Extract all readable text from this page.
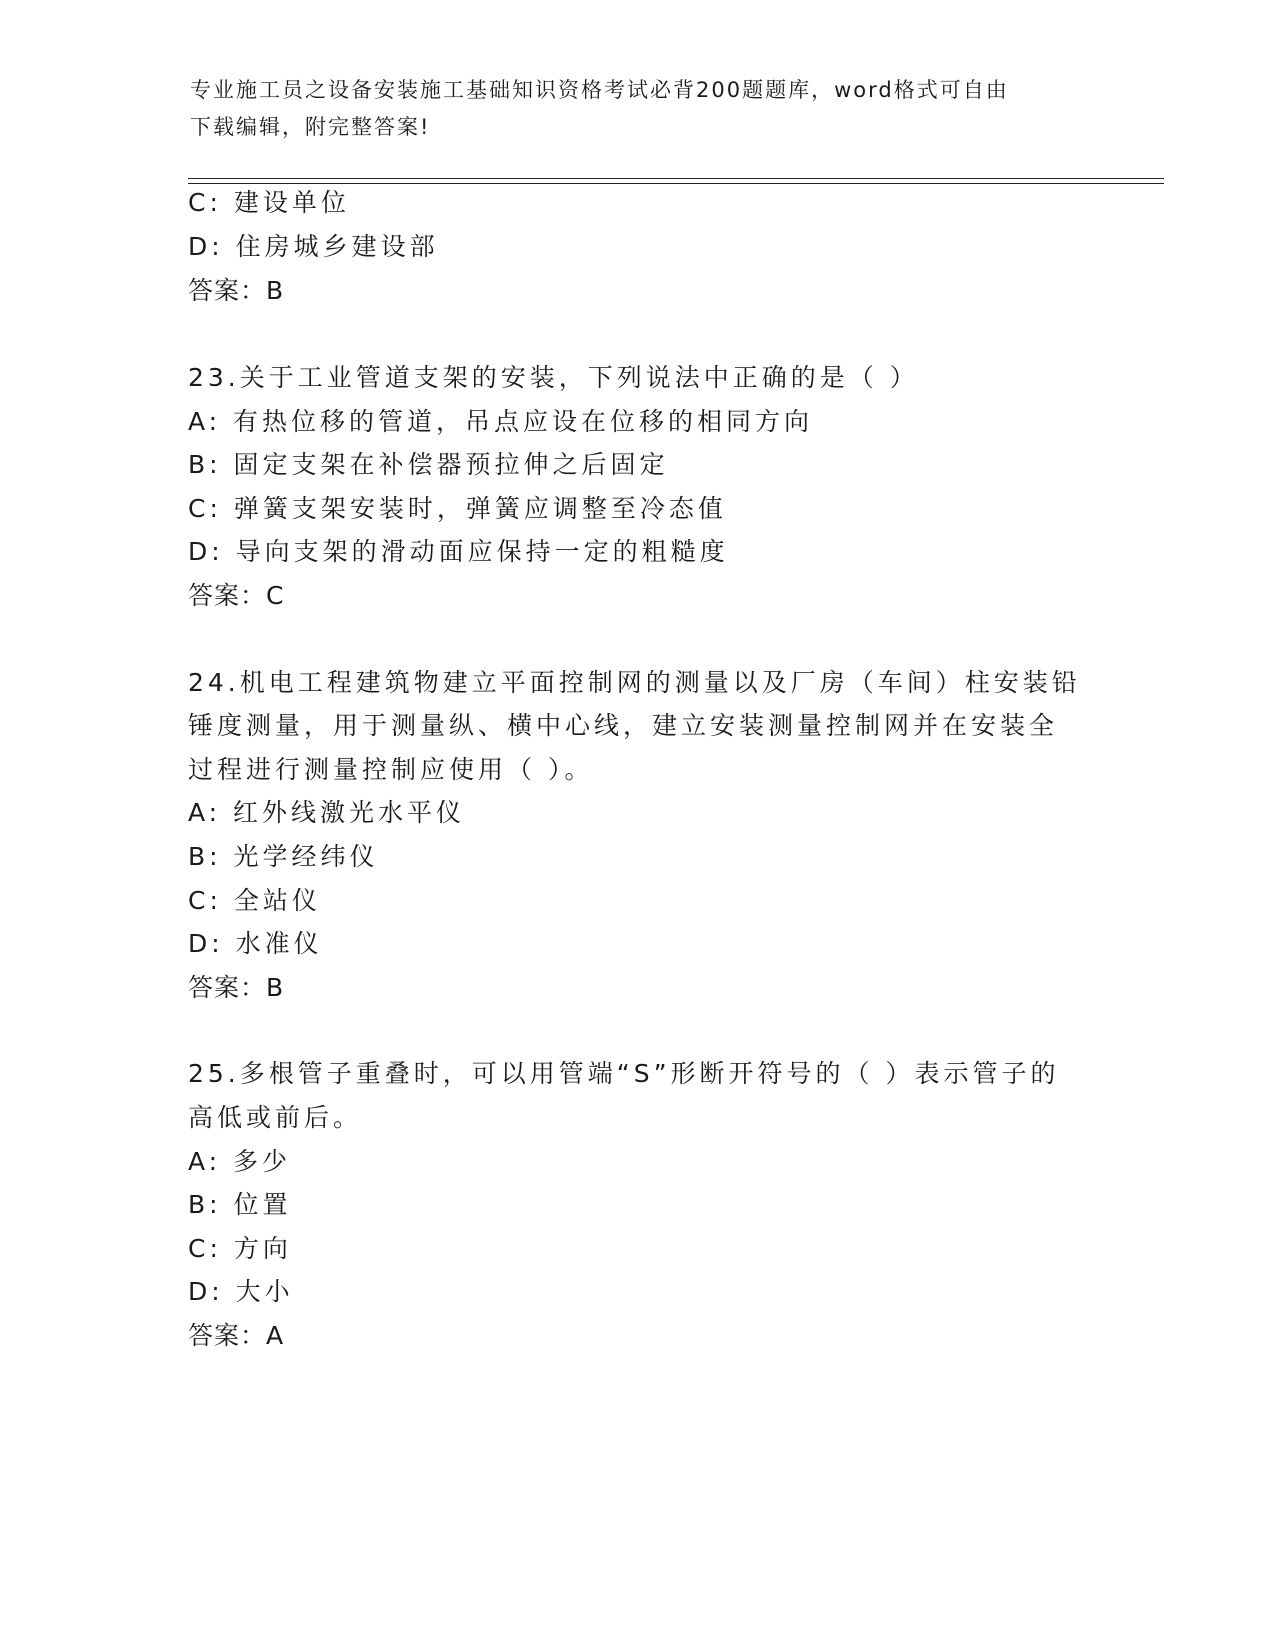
专业施工员之设备安装施工基础知识资格考试必背200题题库，word格式可自由
下载编辑，附完整答案!
C: 建设单位
D: 住房城乡建设部
答案：B
23.关于工业管道支架的安装，下列说法中正确的是（ ）
A: 有热位移的管道，吊点应设在位移的相同方向
B: 固定支架在补偿器预拉伸之后固定
C: 弹簧支架安装时，弹簧应调整至冷态值
D: 导向支架的滑动面应保持一定的粗糙度
答案：C
24.机电工程建筑物建立平面控制网的测量以及厂房（车间）柱安装铅
锤度测量，用于测量纵、横中心线，建立安装测量控制网并在安装全
过程进行测量控制应使用（ ）。
A: 红外线激光水平仪
B: 光学经纬仪
C: 全站仪
D: 水准仪
答案：B
25.多根管子重叠时，可以用管端“S”形断开符号的（ ）表示管子的
高低或前后。
A: 多少
B: 位置
C: 方向
D: 大小
答案：A
